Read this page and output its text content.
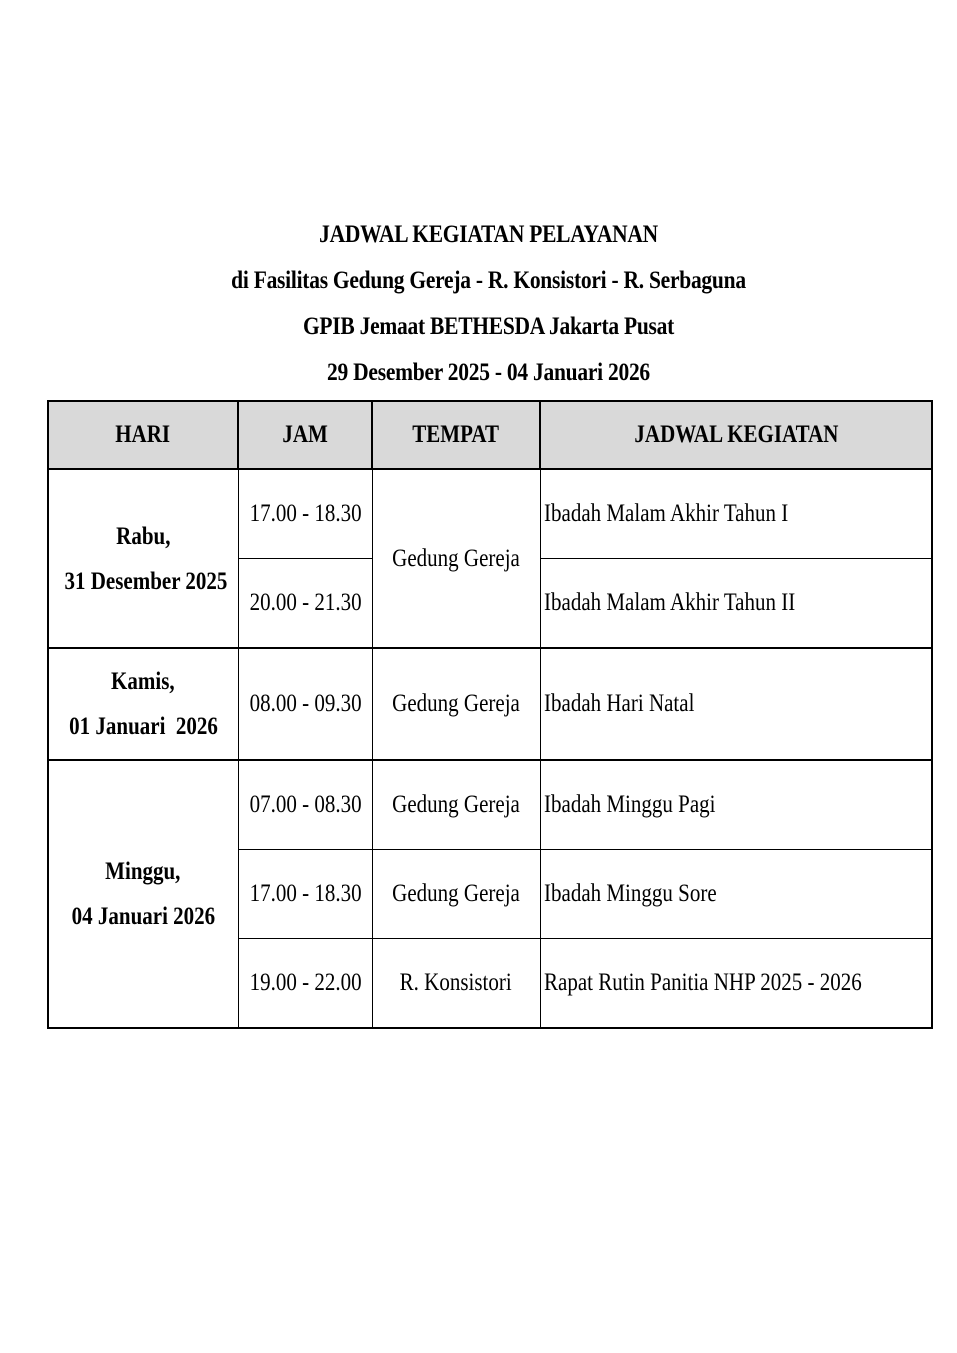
JADWAL KEGIATAN PELAYANAN
di Fasilitas Gedung Gereja - R. Konsistori - R. Serbaguna
GPIB Jemaat BETHESDA Jakarta Pusat
29 Desember 2025 - 04 Januari 2026
HARI	JAM	TEMPAT	JADWAL KEGIATAN
Rabu,
31 Desember 2025	17.00 - 18.30	Gedung Gereja	Ibadah Malam Akhir Tahun I
	20.00 - 21.30		Ibadah Malam Akhir Tahun II
Kamis,
01 Januari  2026	08.00 - 09.30	Gedung Gereja	Ibadah Hari Natal
Minggu,
04 Januari 2026	07.00 - 08.30	Gedung Gereja	Ibadah Minggu Pagi
	17.00 - 18.30	Gedung Gereja	Ibadah Minggu Sore
	19.00 - 22.00	R. Konsistori	Rapat Rutin Panitia NHP 2025 - 2026
